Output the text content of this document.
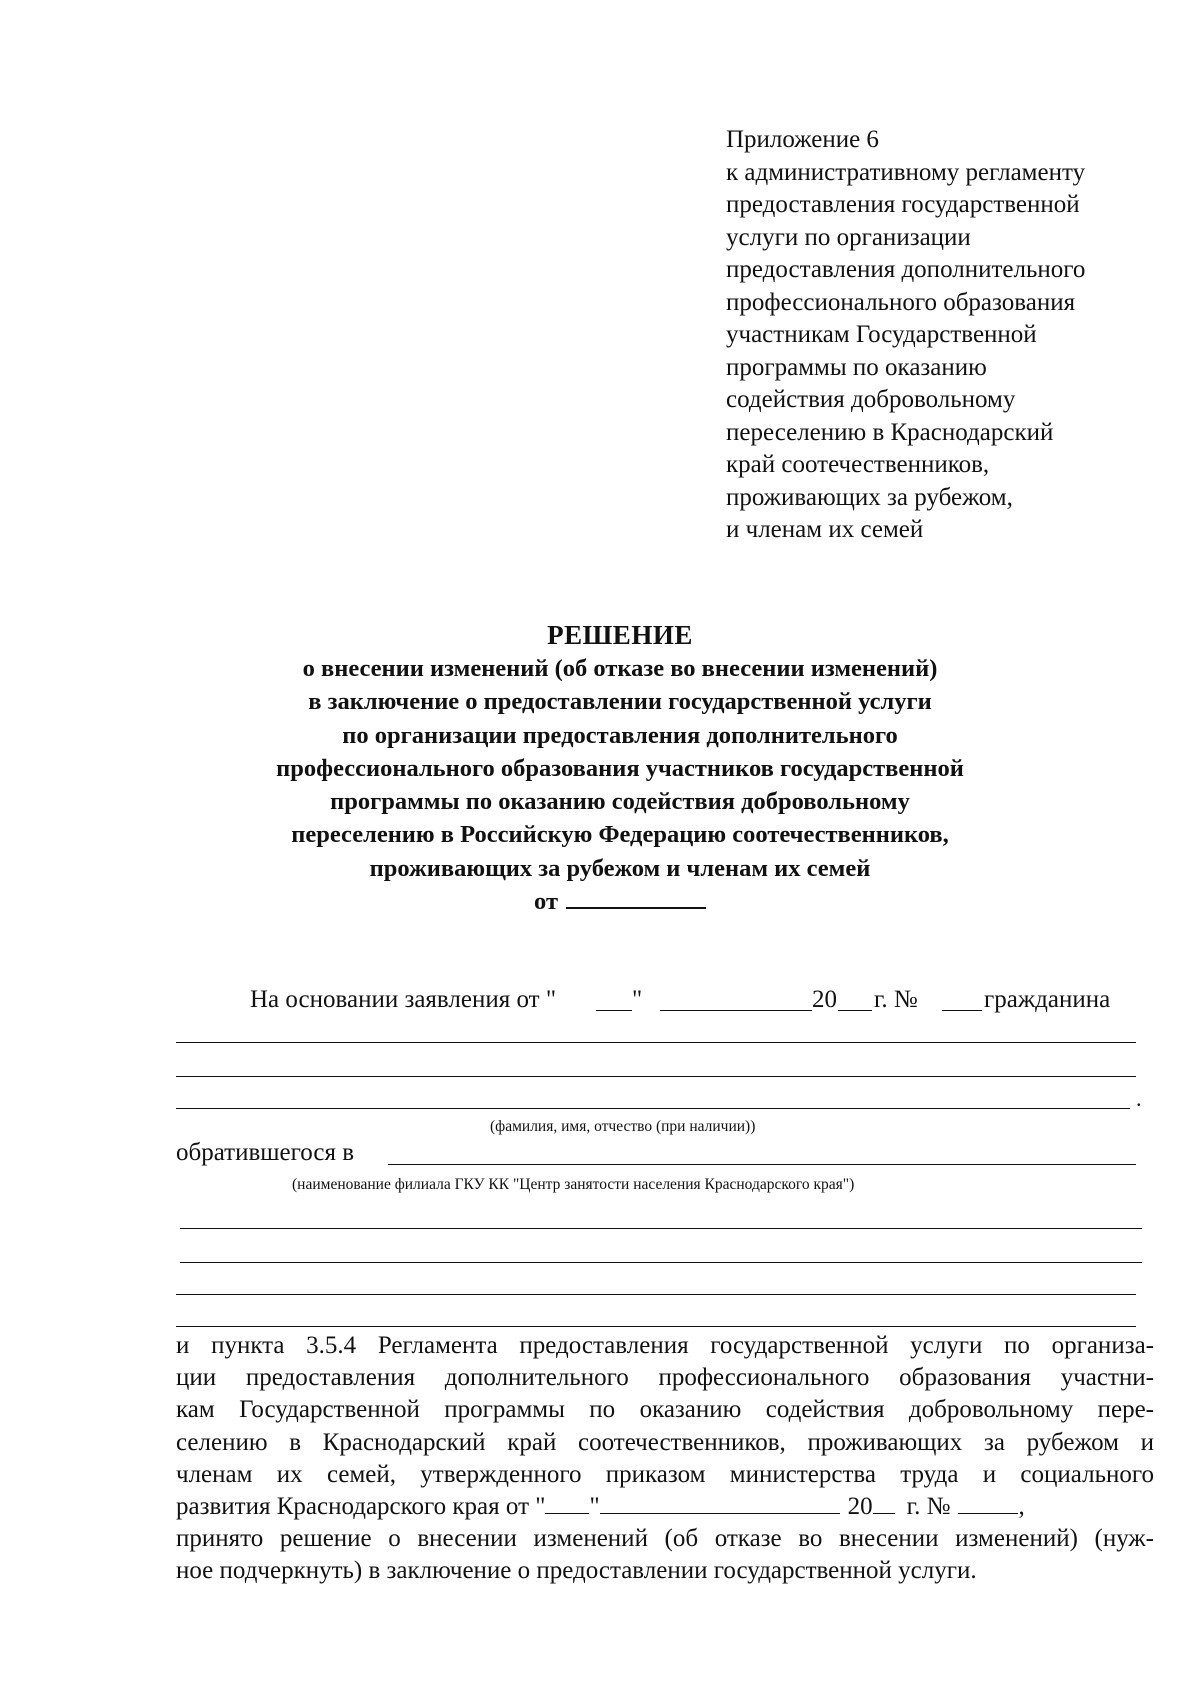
Приложение 6
к административному регламенту
предоставления государственной
услуги по организации
предоставления дополнительного
профессионального образования
участникам Государственной
программы по оказанию
содействия добровольному
переселению в Краснодарский
край соотечественников,
проживающих за рубежом,
и членам их семей
РЕШЕНИЕ
о внесении изменений (об отказе во внесении изменений)
в заключение о предоставлении государственной услуги
по организации предоставления дополнительного
профессионального образования участников государственной
программы по оказанию содействия добровольному
переселению в Российскую Федерацию соотечественников,
проживающих за рубежом и членам их семей
от
На основании заявления от "	"	20 г. №	гражданина
.
(фамилия, имя, отчество (при наличии))
обратившегося в
(наименование филиала ГКУ КК "Центр занятости населения Краснодарского края")
и пункта 3.5.4 Регламента предоставления государственной услуги по организа-
ции предоставления дополнительного профессионального образования участни-
кам Государственной программы по оказанию содействия добровольному пере-
селению в Краснодарский край соотечественников, проживающих за рубежом и
членам их семей, утвержденного приказом министерства труда и социального
развития Краснодарского края от " "	20 г. №	,
принято решение о внесении изменений (об отказе во внесении изменений) (нуж-
ное подчеркнуть) в заключение о предоставлении государственной услуги.
